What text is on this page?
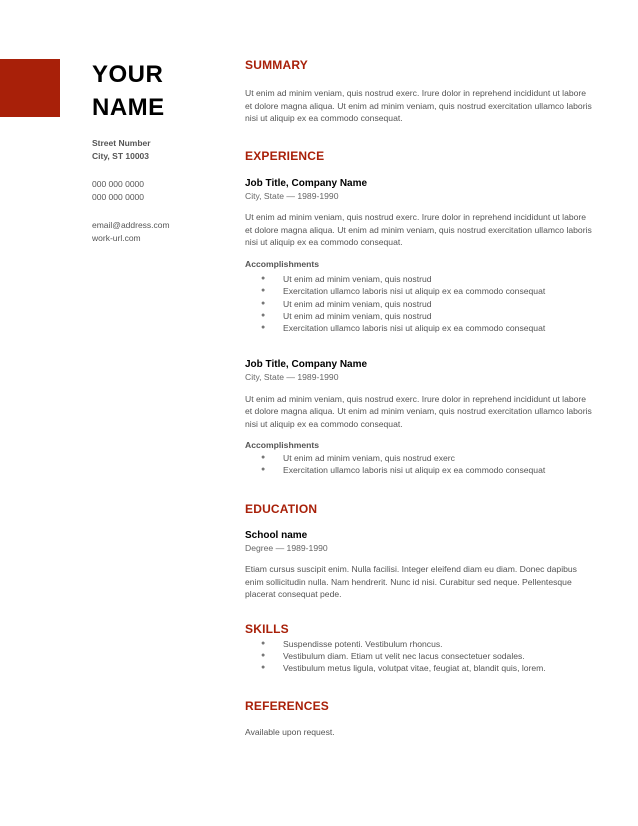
YOUR
NAME
Street Number
City, ST 10003
000 000 0000
000 000 0000
email@address.com
work-url.com
SUMMARY
Ut enim ad minim veniam, quis nostrud exerc. Irure dolor in reprehend incididunt ut labore et dolore magna aliqua. Ut enim ad minim veniam, quis nostrud exercitation ullamco laboris nisi ut aliquip ex ea commodo consequat.
EXPERIENCE
Job Title, Company Name
City, State — 1989-1990
Ut enim ad minim veniam, quis nostrud exerc. Irure dolor in reprehend incididunt ut labore et dolore magna aliqua. Ut enim ad minim veniam, quis nostrud exercitation ullamco laboris nisi ut aliquip ex ea commodo consequat.
Accomplishments
● Ut enim ad minim veniam, quis nostrud
● Exercitation ullamco laboris nisi ut aliquip ex ea commodo consequat
● Ut enim ad minim veniam, quis nostrud
● Ut enim ad minim veniam, quis nostrud
● Exercitation ullamco laboris nisi ut aliquip ex ea commodo consequat
Job Title, Company Name
City, State — 1989-1990
Ut enim ad minim veniam, quis nostrud exerc. Irure dolor in reprehend incididunt ut labore et dolore magna aliqua. Ut enim ad minim veniam, quis nostrud exercitation ullamco laboris nisi ut aliquip ex ea commodo consequat.
Accomplishments
● Ut enim ad minim veniam, quis nostrud exerc
● Exercitation ullamco laboris nisi ut aliquip ex ea commodo consequat
EDUCATION
School name
Degree — 1989-1990
Etiam cursus suscipit enim. Nulla facilisi. Integer eleifend diam eu diam. Donec dapibus enim sollicitudin nulla. Nam hendrerit. Nunc id nisi. Curabitur sed neque. Pellentesque placerat consequat pede.
SKILLS
● Suspendisse potenti. Vestibulum rhoncus.
● Vestibulum diam. Etiam ut velit nec lacus consectetuer sodales.
● Vestibulum metus ligula, volutpat vitae, feugiat at, blandit quis, lorem.
REFERENCES
Available upon request.
